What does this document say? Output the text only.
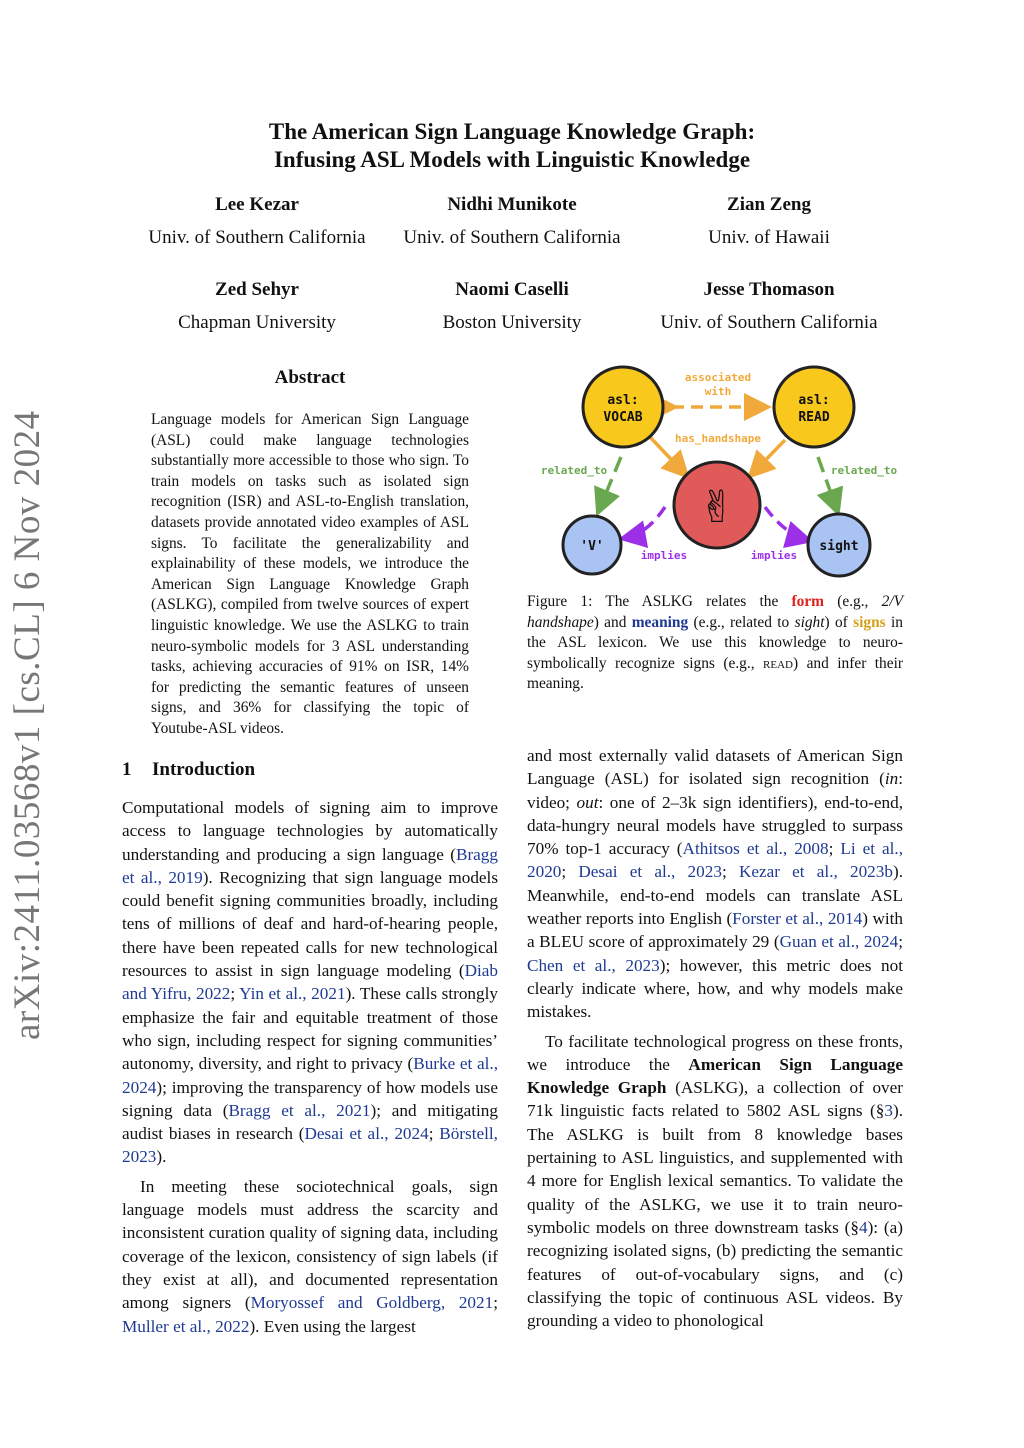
arXiv:2411.03568v1 [cs.CL] 6 Nov 2024
The American Sign Language Knowledge Graph:
Infusing ASL Models with Linguistic Knowledge
Lee Kezar
Univ. of Southern California
Nidhi Munikote
Univ. of Southern California
Zian Zeng
Univ. of Hawaii
Zed Sehyr
Chapman University
Naomi Caselli
Boston University
Jesse Thomason
Univ. of Southern California
Abstract
Language models for American Sign Language (ASL) could make language technologies substantially more accessible to those who sign. To train models on tasks such as isolated sign recognition (ISR) and ASL-to-English translation, datasets provide annotated video examples of ASL signs. To facilitate the generalizability and explainability of these models, we introduce the American Sign Language Knowledge Graph (ASLKG), compiled from twelve sources of expert linguistic knowledge. We use the ASLKG to train neuro-symbolic models for 3 ASL understanding tasks, achieving accuracies of 91% on ISR, 14% for predicting the semantic features of unseen signs, and 36% for classifying the topic of Youtube-ASL videos.
1 Introduction

Computational models of signing aim to improve access to language technologies by automatically understanding and producing a sign language (Bragg et al., 2019). Recognizing that sign language models could benefit signing communities broadly, including tens of millions of deaf and hard-of-hearing people, there have been repeated calls for new technological resources to assist in sign language modeling (Diab and Yifru, 2022; Yin et al., 2021). These calls strongly emphasize the fair and equitable treatment of those who sign, including respect for signing communities’ autonomy, diversity, and right to privacy (Burke et al., 2024); improving the transparency of how models use signing data (Bragg et al., 2021); and mitigating audist biases in research (Desai et al., 2024; Börstell, 2023).

In meeting these sociotechnical goals, sign language models must address the scarcity and inconsistent curation quality of signing data, including coverage of the lexicon, consistency of sign labels (if they exist at all), and documented representation among signers (Moryossef and Goldberg, 2021; Muller et al., 2022). Even using the largest

asl:
VOCAB
asl:
READ
✌
'V'	sight
associated
with
has_handshape
related_to	related_to
implies	implies
Figure 1: The ASLKG relates the form (e.g., 2/V handshape) and meaning (e.g., related to sight) of signs in the ASL lexicon. We use this knowledge to neuro-symbolically recognize signs (e.g., read) and infer their meaning.

and most externally valid datasets of American Sign Language (ASL) for isolated sign recognition (in: video; out: one of 2–3k sign identifiers), end-to-end, data-hungry neural models have struggled to surpass 70% top-1 accuracy (Athitsos et al., 2008; Li et al., 2020; Desai et al., 2023; Kezar et al., 2023b). Meanwhile, end-to-end models can translate ASL weather reports into English (Forster et al., 2014) with a BLEU score of approximately 29 (Guan et al., 2024; Chen et al., 2023); however, this metric does not clearly indicate where, how, and why models make mistakes.

To facilitate technological progress on these fronts, we introduce the American Sign Language Knowledge Graph (ASLKG), a collection of over 71k linguistic facts related to 5802 ASL signs (§3). The ASLKG is built from 8 knowledge bases pertaining to ASL linguistics, and supplemented with 4 more for English lexical semantics. To validate the quality of the ASLKG, we use it to train neuro-symbolic models on three downstream tasks (§4): (a) recognizing isolated signs, (b) predicting the semantic features of out-of-vocabulary signs, and (c) classifying the topic of continuous ASL videos. By grounding a video to phonological
